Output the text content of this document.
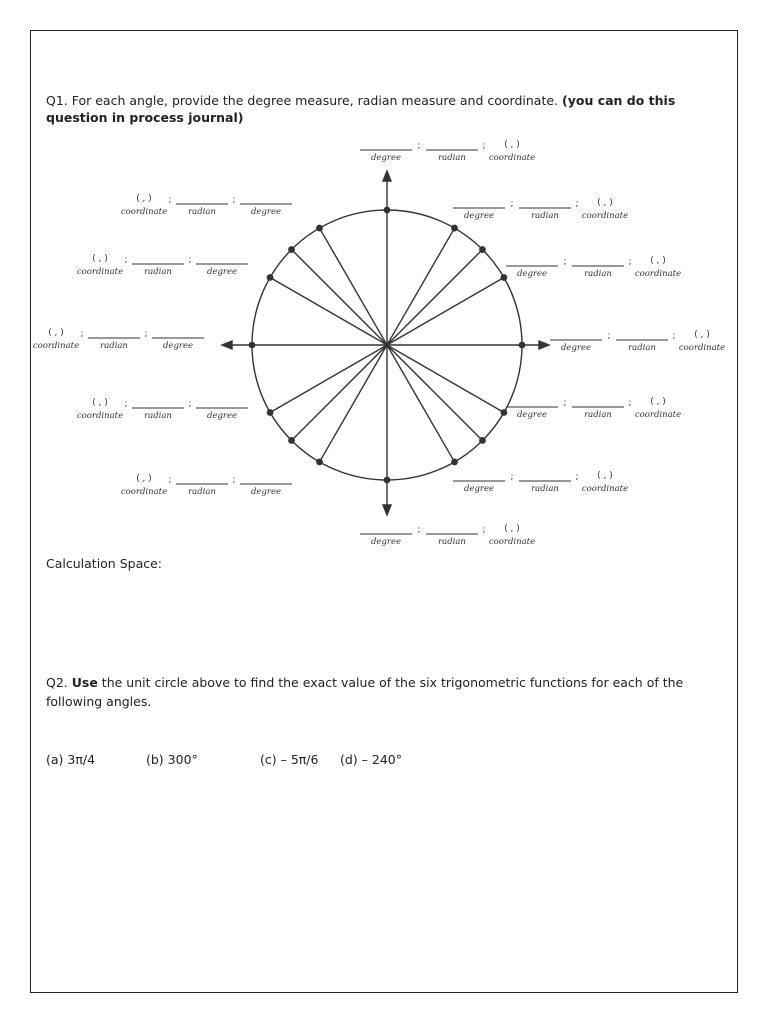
Q1. For each angle, provide the degree measure, radian measure and coordinate. (you can do this question in process journal)
degree
;
radian
; ( , )
coordinate
degree
;
radian
; ( , )
coordinate
degree
;
radian
; ( , )
coordinate
degree
;
radian
; ( , )
coordinate
degree
;
radian
; ( , )
coordinate
degree
;
radian
; ( , )
coordinate
degree
;
radian
; ( , )
coordinate
( , )
coordinate
;
radian
;
degree
( , )
coordinate
;
radian
;
degree
( , )
coordinate
;
radian
;
degree
( , )
coordinate
;
radian
;
degree
( , )
coordinate
;
radian
;
degree
Calculation Space:
Q2. Use the unit circle above to find the exact value of the six trigonometric functions for each of the following angles.
(a) 3π/4	(b) 300°	(c) – 5π/6 (d) – 240°
